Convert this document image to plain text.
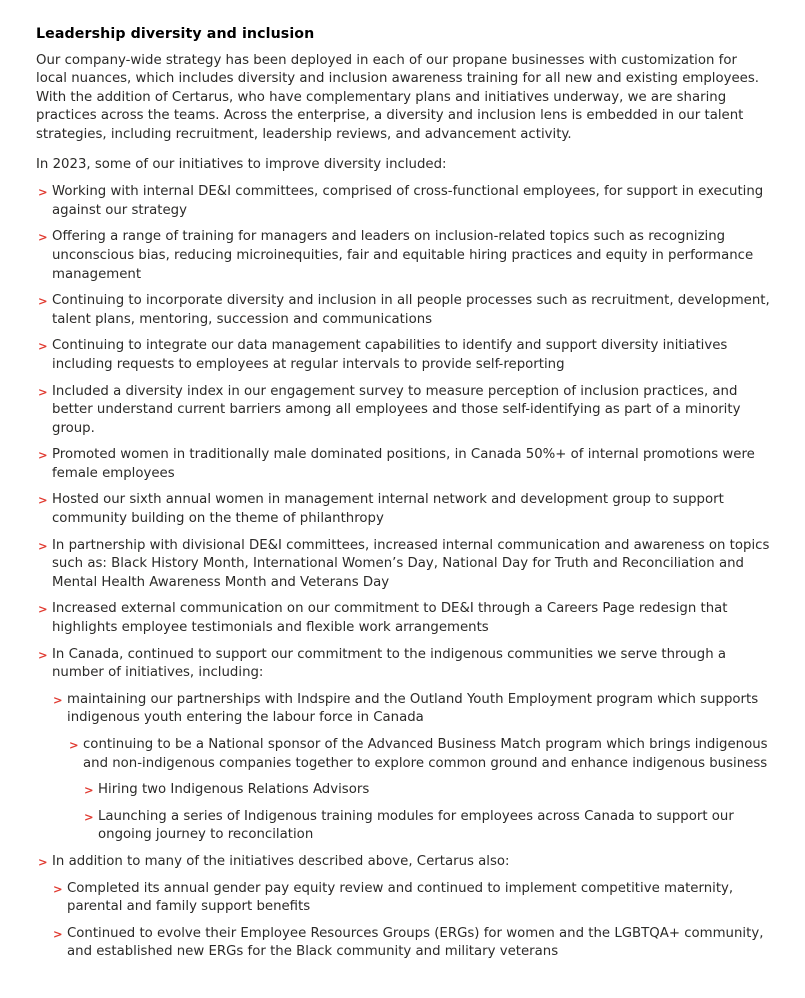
Leadership diversity and inclusion

Our company-wide strategy has been deployed in each of our propane businesses with customization for local nuances, which includes diversity and inclusion awareness training for all new and existing employees. With the addition of Certarus, who have complementary plans and initiatives underway, we are sharing practices across the teams. Across the enterprise, a diversity and inclusion lens is embedded in our talent strategies, including recruitment, leadership reviews, and advancement activity.

In 2023, some of our initiatives to improve diversity included:

> Working with internal DE&I committees, comprised of cross-functional employees, for support in executing against our strategy
> Offering a range of training for managers and leaders on inclusion-related topics such as recognizing unconscious bias, reducing microinequities, fair and equitable hiring practices and equity in performance management
> Continuing to incorporate diversity and inclusion in all people processes such as recruitment, development, talent plans, mentoring, succession and communications
> Continuing to integrate our data management capabilities to identify and support diversity initiatives including requests to employees at regular intervals to provide self-reporting
> Included a diversity index in our engagement survey to measure perception of inclusion practices, and better understand current barriers among all employees and those self-identifying as part of a minority group.
> Promoted women in traditionally male dominated positions, in Canada 50%+ of internal promotions were female employees
> Hosted our sixth annual women in management internal network and development group to support community building on the theme of philanthropy
> In partnership with divisional DE&I committees, increased internal communication and awareness on topics such as: Black History Month, International Women’s Day, National Day for Truth and Reconciliation and Mental Health Awareness Month and Veterans Day
> Increased external communication on our commitment to DE&I through a Careers Page redesign that highlights employee testimonials and flexible work arrangements
> In Canada, continued to support our commitment to the indigenous communities we serve through a number of initiatives, including:
> maintaining our partnerships with Indspire and the Outland Youth Employment program which supports indigenous youth entering the labour force in Canada
> continuing to be a National sponsor of the Advanced Business Match program which brings indigenous and non-indigenous companies together to explore common ground and enhance indigenous business
> Hiring two Indigenous Relations Advisors
> Launching a series of Indigenous training modules for employees across Canada to support our ongoing journey to reconcilation
> In addition to many of the initiatives described above, Certarus also:
> Completed its annual gender pay equity review and continued to implement competitive maternity, parental and family support benefits
> Continued to evolve their Employee Resources Groups (ERGs) for women and the LGBTQA+ community, and established new ERGs for the Black community and military veterans
